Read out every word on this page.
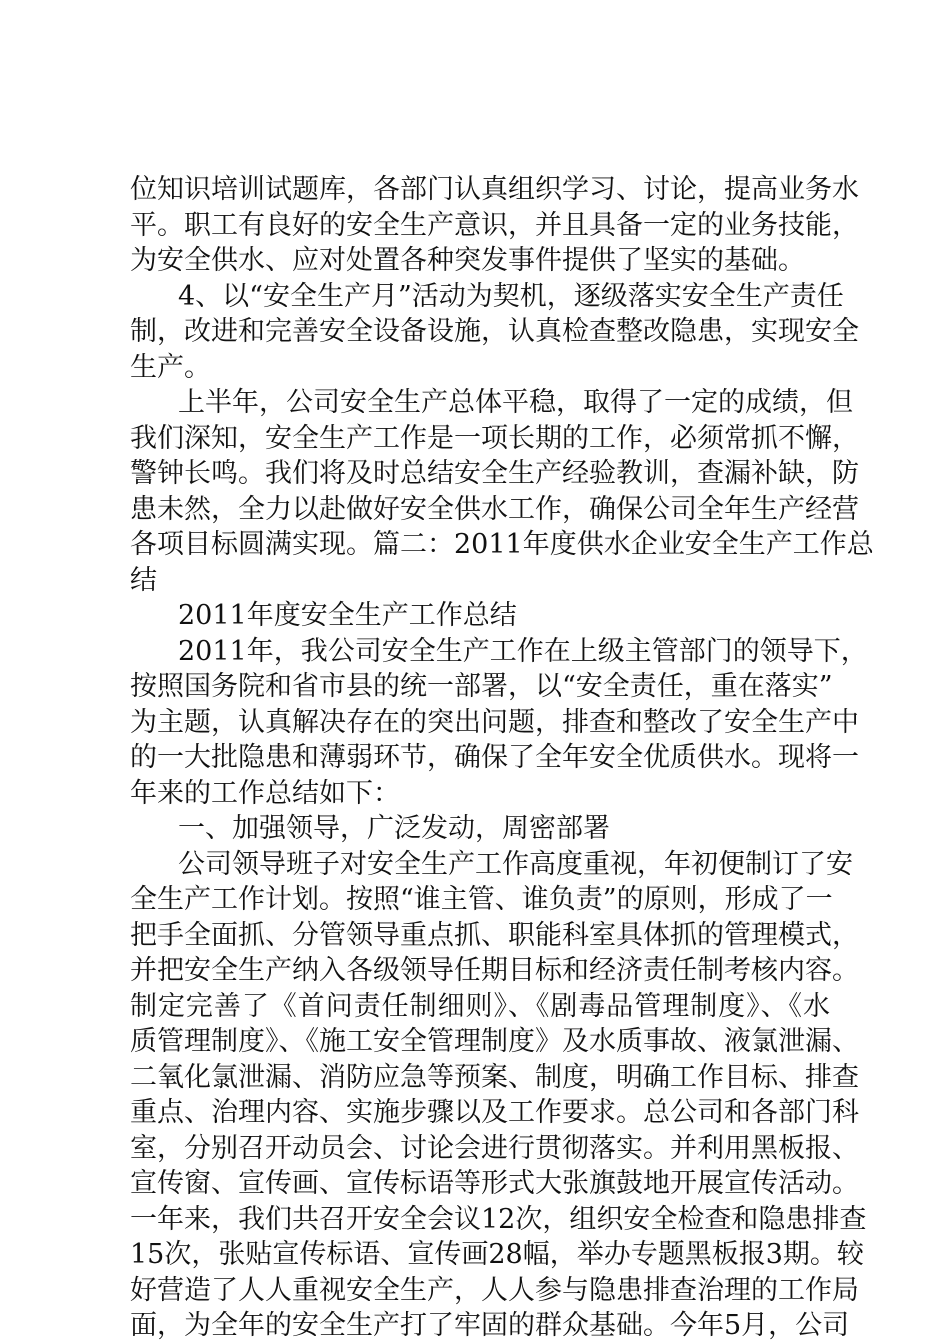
位知识培训试题库，各部门认真组织学习、讨论，提高业务水
平。职工有良好的安全生产意识，并且具备一定的业务技能，
为安全供水、应对处置各种突发事件提供了坚实的基础。
4、以“安全生产月”活动为契机，逐级落实安全生产责任
制，改进和完善安全设备设施，认真检查整改隐患，实现安全
生产。
上半年，公司安全生产总体平稳，取得了一定的成绩，但
我们深知，安全生产工作是一项长期的工作，必须常抓不懈，
警钟长鸣。我们将及时总结安全生产经验教训，查漏补缺，防
患未然，全力以赴做好安全供水工作，确保公司全年生产经营
各项目标圆满实现。篇二：2011年度供水企业安全生产工作总
结
2011年度安全生产工作总结
2011年，我公司安全生产工作在上级主管部门的领导下，
按照国务院和省市县的统一部署，以“安全责任，重在落实”
为主题，认真解决存在的突出问题，排查和整改了安全生产中
的一大批隐患和薄弱环节，确保了全年安全优质供水。现将一
年来的工作总结如下：
一、加强领导，广泛发动，周密部署
公司领导班子对安全生产工作高度重视，年初便制订了安
全生产工作计划。按照“谁主管、谁负责”的原则，形成了一
把手全面抓、分管领导重点抓、职能科室具体抓的管理模式，
并把安全生产纳入各级领导任期目标和经济责任制考核内容。
制定完善了《首问责任制细则》、《剧毒品管理制度》、《水
质管理制度》、《施工安全管理制度》及水质事故、液氯泄漏、
二氧化氯泄漏、消防应急等预案、制度，明确工作目标、排查
重点、治理内容、实施步骤以及工作要求。总公司和各部门科
室，分别召开动员会、讨论会进行贯彻落实。并利用黑板报、
宣传窗、宣传画、宣传标语等形式大张旗鼓地开展宣传活动。
一年来，我们共召开安全会议12次，组织安全检查和隐患排查
15次，张贴宣传标语、宣传画28幅，举办专题黑板报3期。较
好营造了人人重视安全生产，人人参与隐患排查治理的工作局
面，为全年的安全生产打了牢固的群众基础。今年5月，公司
